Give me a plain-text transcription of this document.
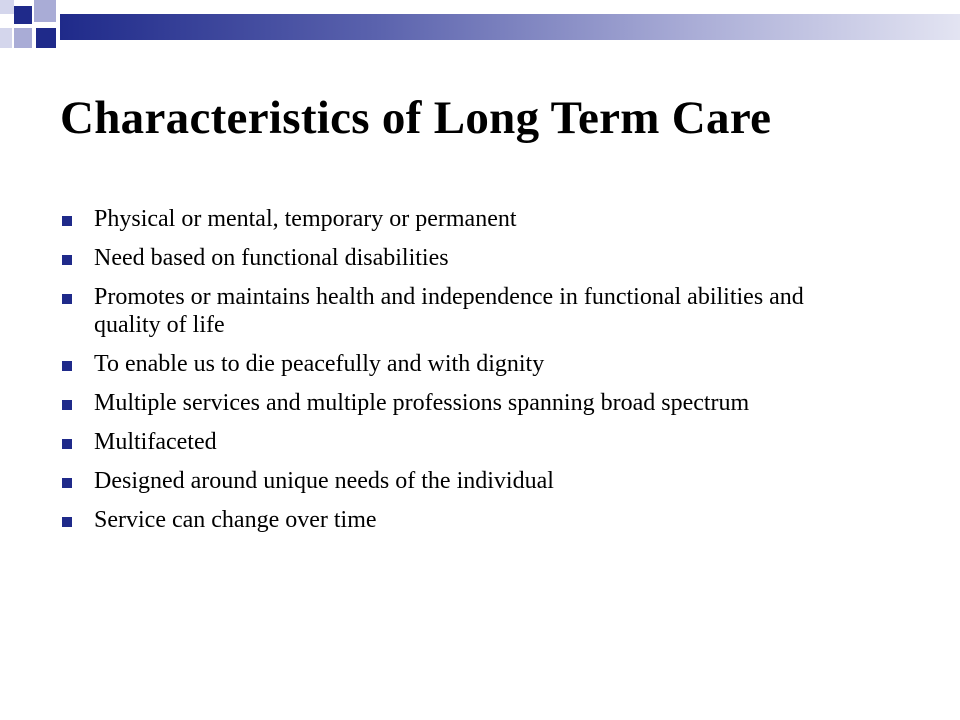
Characteristics of Long Term Care
Physical or mental, temporary or permanent
Need based on functional disabilities
Promotes or maintains health and independence in functional abilities and quality of life
To enable us to die peacefully and with dignity
Multiple services and multiple professions spanning broad spectrum
Multifaceted
Designed around unique needs of the individual
Service can change over time
